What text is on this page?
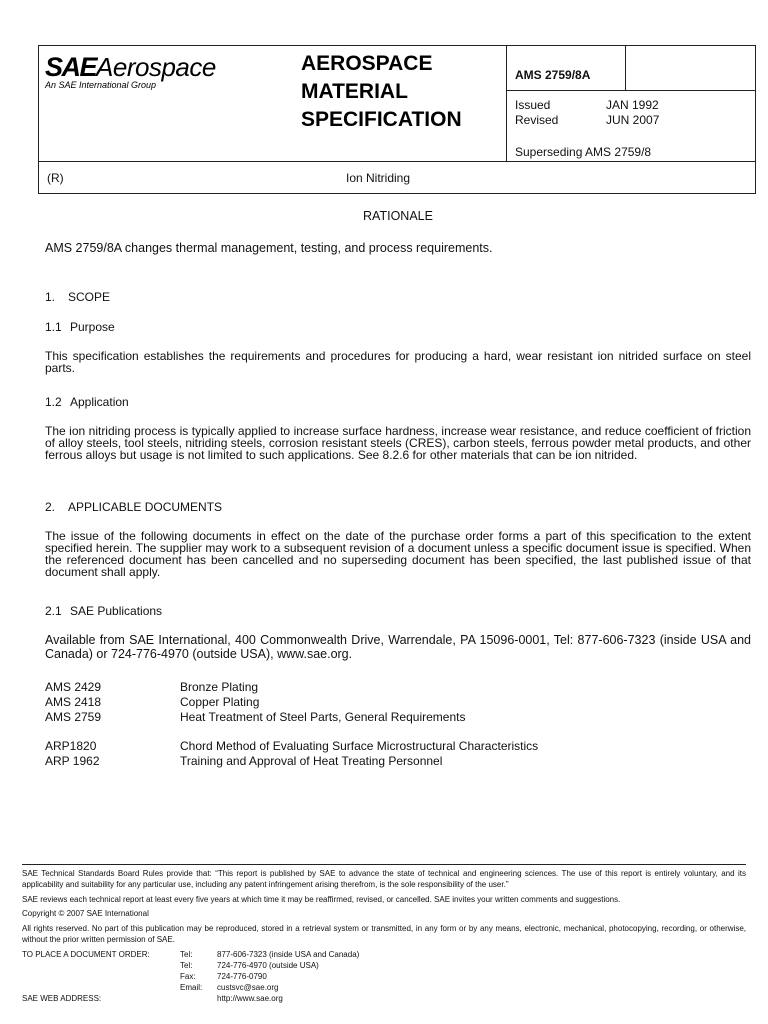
SAEAerospace
An SAE International Group
AEROSPACE
MATERIAL
SPECIFICATION
AMS 2759/8A
Issued	JAN 1992
Revised	JUN 2007
Superseding AMS 2759/8
(R)	Ion Nitriding
RATIONALE
AMS 2759/8A changes thermal management, testing, and process requirements.
1. SCOPE
1.1 Purpose
This specification establishes the requirements and procedures for producing a hard, wear resistant ion nitrided surface on steel parts.
1.2 Application
The ion nitriding process is typically applied to increase surface hardness, increase wear resistance, and reduce coefficient of friction of alloy steels, tool steels, nitriding steels, corrosion resistant steels (CRES), carbon steels, ferrous powder metal products, and other ferrous alloys but usage is not limited to such applications. See 8.2.6 for other materials that can be ion nitrided.
2. APPLICABLE DOCUMENTS
The issue of the following documents in effect on the date of the purchase order forms a part of this specification to the extent specified herein. The supplier may work to a subsequent revision of a document unless a specific document issue is specified. When the referenced document has been cancelled and no superseding document has been specified, the last published issue of that document shall apply.
2.1 SAE Publications
Available from SAE International, 400 Commonwealth Drive, Warrendale, PA 15096-0001, Tel: 877-606-7323 (inside USA and Canada) or 724-776-4970 (outside USA), www.sae.org.
AMS 2429	Bronze Plating
AMS 2418	Copper Plating
AMS 2759	Heat Treatment of Steel Parts, General Requirements
ARP1820	Chord Method of Evaluating Surface Microstructural Characteristics
ARP 1962	Training and Approval of Heat Treating Personnel
SAE Technical Standards Board Rules provide that: “This report is published by SAE to advance the state of technical and engineering sciences. The use of this report is entirely voluntary, and its applicability and suitability for any particular use, including any patent infringement arising therefrom, is the sole responsibility of the user.”
SAE reviews each technical report at least every five years at which time it may be reaffirmed, revised, or cancelled. SAE invites your written comments and suggestions.
Copyright © 2007 SAE International
All rights reserved. No part of this publication may be reproduced, stored in a retrieval system or transmitted, in any form or by any means, electronic, mechanical, photocopying, recording, or otherwise, without the prior written permission of SAE.
TO PLACE A DOCUMENT ORDER:	Tel:	877-606-7323 (inside USA and Canada)
Tel:	724-776-4970 (outside USA)
Fax:	724-776-0790
Email:	custsvc@sae.org
SAE WEB ADDRESS:	http://www.sae.org
